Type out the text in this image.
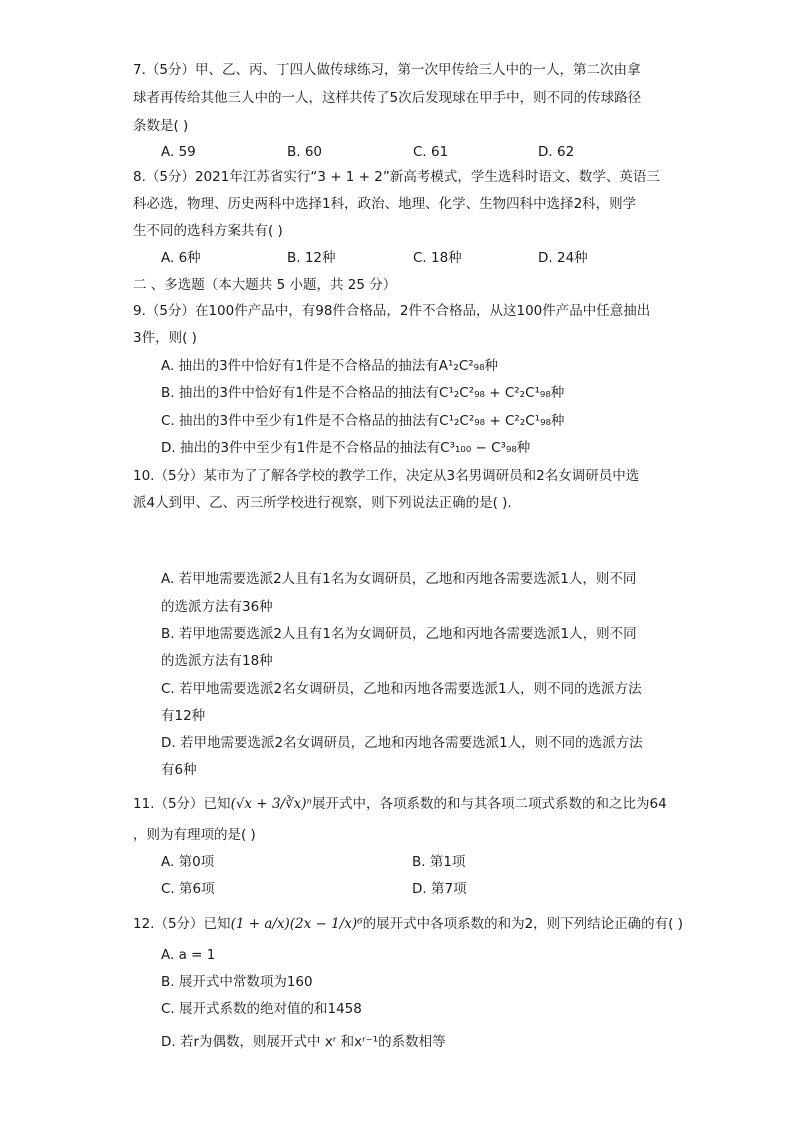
7.（5分）甲、乙、丙、丁四人做传球练习，第一次甲传给三人中的一人，第二次由拿
球者再传给其他三人中的一人，这样共传了5次后发现球在甲手中，则不同的传球路径
条数是( )
A. 59	B. 60	C. 61	D. 62
8.（5分）2021年江苏省实行“3 + 1 + 2”新高考模式，学生选科时语文、数学、英语三
科必选，物理、历史两科中选择1科，政治、地理、化学、生物四科中选择2科，则学
生不同的选科方案共有( )
A. 6种	B. 12种	C. 18种	D. 24种
二 、多选题（本大题共 5 小题，共 25 分）
9.（5分）在100件产品中，有98件合格品，2件不合格品，从这100件产品中任意抽出
3件，则( )
A. 抽出的3件中恰好有1件是不合格品的抽法有A¹₂C²₉₈种
B. 抽出的3件中恰好有1件是不合格品的抽法有C¹₂C²₉₈ + C²₂C¹₉₈种
C. 抽出的3件中至少有1件是不合格品的抽法有C¹₂C²₉₈ + C²₂C¹₉₈种
D. 抽出的3件中至少有1件是不合格品的抽法有C³₁₀₀ − C³₉₈种
10.（5分）某市为了了解各学校的教学工作，决定从3名男调研员和2名女调研员中选
派4人到甲、乙、丙三所学校进行视察，则下列说法正确的是( ).
A. 若甲地需要选派2人且有1名为女调研员，乙地和丙地各需要选派1人，则不同
的选派方法有36种
B. 若甲地需要选派2人且有1名为女调研员，乙地和丙地各需要选派1人，则不同
的选派方法有18种
C. 若甲地需要选派2名女调研员，乙地和丙地各需要选派1人，则不同的选派方法
有12种
D. 若甲地需要选派2名女调研员，乙地和丙地各需要选派1人，则不同的选派方法
有6种
11.（5分）已知(√x + 3/∛x)ⁿ展开式中，各项系数的和与其各项二项式系数的和之比为64
，则为有理项的是( )
A. 第0项	B. 第1项
C. 第6项	D. 第7项
12.（5分）已知(1 + a/x)(2x − 1/x)⁶的展开式中各项系数的和为2，则下列结论正确的有( )
A. a = 1
B. 展开式中常数项为160
C. 展开式系数的绝对值的和1458
D. 若r为偶数，则展开式中 xʳ 和xʳ⁻¹的系数相等
